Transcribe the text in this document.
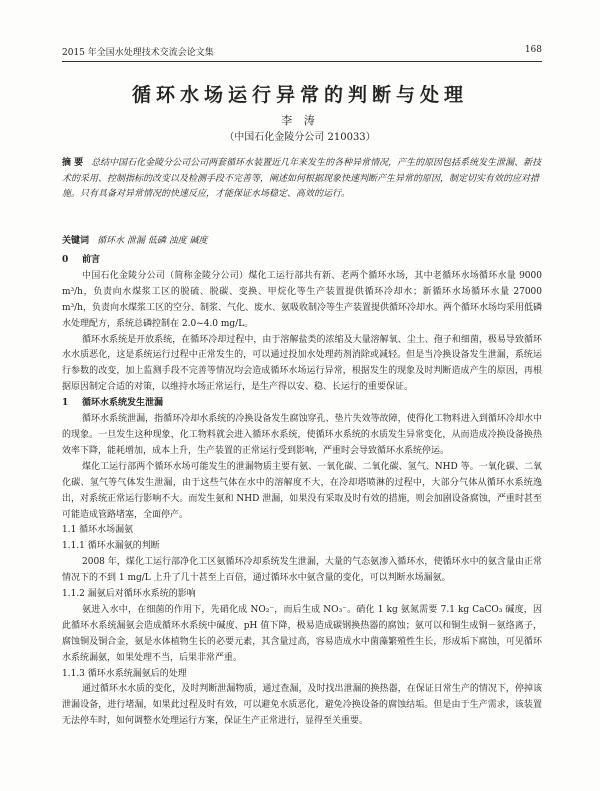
2015 年全国水处理技术交流会论文集	168
循环水场运行异常的判断与处理
李 涛
（中国石化金陵分公司 210033）
摘 要 总结中国石化金陵分公司公司两套循环水装置近几年来发生的各种异常情况，产生的原因包括系统发生泄漏、新技术的采用、控制指标的改变以及检测手段不完善等，阐述如何根据现象快速判断产生异常的原因，制定切实有效的应对措施。只有具备对异常情况的快速反应，才能保证水场稳定、高效的运行。
关键词 循环水 泄漏 低磷 浊度 碱度
0 前言

中国石化金陵分公司（简称金陵分公司）煤化工运行部共有新、老两个循环水场，其中老循环水场循环水量 9000 m³/h，负责向水煤浆工区的脱硫、脱碳、变换、甲烷化等生产装置提供循环冷却水；新循环水场循环水量 27000 m³/h，负责向水煤浆工区的空分、制浆、气化、废水、氨吸收制冷等生产装置提供循环冷却水。两个循环水场均采用低磷水处理配方，系统总磷控制在 2.0~4.0 mg/L。

循环水系统是开放系统，在循环冷却过程中，由于溶解盐类的浓缩及大量溶解氧、尘土、孢子和细菌，极易导致循环水水质恶化，这是系统运行过程中正常发生的，可以通过投加水处理药剂消除或减轻。但是当冷换设备发生泄漏，系统运行参数的改变，加上监测手段不完善等情况均会造成循环水场运行异常，根据发生的现象及时判断造成产生的原因，再根据原因制定合适的对策，以维持水场正常运行，是生产得以安、稳、长运行的重要保证。

1 循环水系统发生泄漏

循环水系统泄漏，指循环冷却水系统的冷换设备发生腐蚀穿孔、垫片失效等故障，使得化工物料进入到循环冷却水中的现象。一旦发生这种现象，化工物料就会进入循环水系统，使循环水系统的水质发生异常变化，从而造成冷换设备换热效率下降，能耗增加，成本上升，生产装置的正常运行受到影响，严重时会导致循环水系统停运。

煤化工运行部两个循环水场可能发生的泄漏物质主要有氨、一氧化碳、二氧化碳、氢气、NHD 等。一氧化碳、二氧化碳、氢气等气体发生泄漏，由于这些气体在水中的溶解度不大，在冷却塔喷淋的过程中，大部分气体从循环水系统逸出，对系统正常运行影响不大。而发生氨和 NHD 泄漏，如果没有采取及时有效的措施，则会加剧设备腐蚀，严重时甚至可能造成管路堵塞，全面停产。

1.1 循环水场漏氨
1.1.1 循环水漏氨的判断

2008 年，煤化工运行部净化工区氨循环冷却系统发生泄漏，大量的气态氨渗入循环水，使循环水中的氨含量由正常情况下的不到 1 mg/L 上升了几十甚至上百倍，通过循环水中氨含量的变化，可以判断水场漏氨。

1.1.2 漏氨后对循环水系统的影响

氨进入水中，在细菌的作用下，先硝化成 NO₂⁻，而后生成 NO₃⁻。硝化 1 kg 氨氮需要 7.1 kg CaCO₃ 碱度，因此循环水系统漏氨会造成循环水系统中碱度、pH 值下降，极易造成碳钢换热器的腐蚀；氨可以和铜生成铜－氨络离子，腐蚀铜及铜合金，氨是水体植物生长的必要元素，其含量过高，容易造成水中菌藻繁殖性生长，形成垢下腐蚀，可见循环水系统漏氨，如果处理不当，后果非常严重。

1.1.3 循环水系统漏氨后的处理

通过循环水水质的变化，及时判断泄漏物质，通过查漏，及时找出泄漏的换热器，在保证日常生产的情况下，停掉该泄漏设备，进行堵漏，如果此过程及时有效，可以避免水质恶化，避免冷换设备的腐蚀结垢。但是由于生产需求，该装置无法停车时，如何调整水处理运行方案，保证生产正常进行，显得至关重要。
